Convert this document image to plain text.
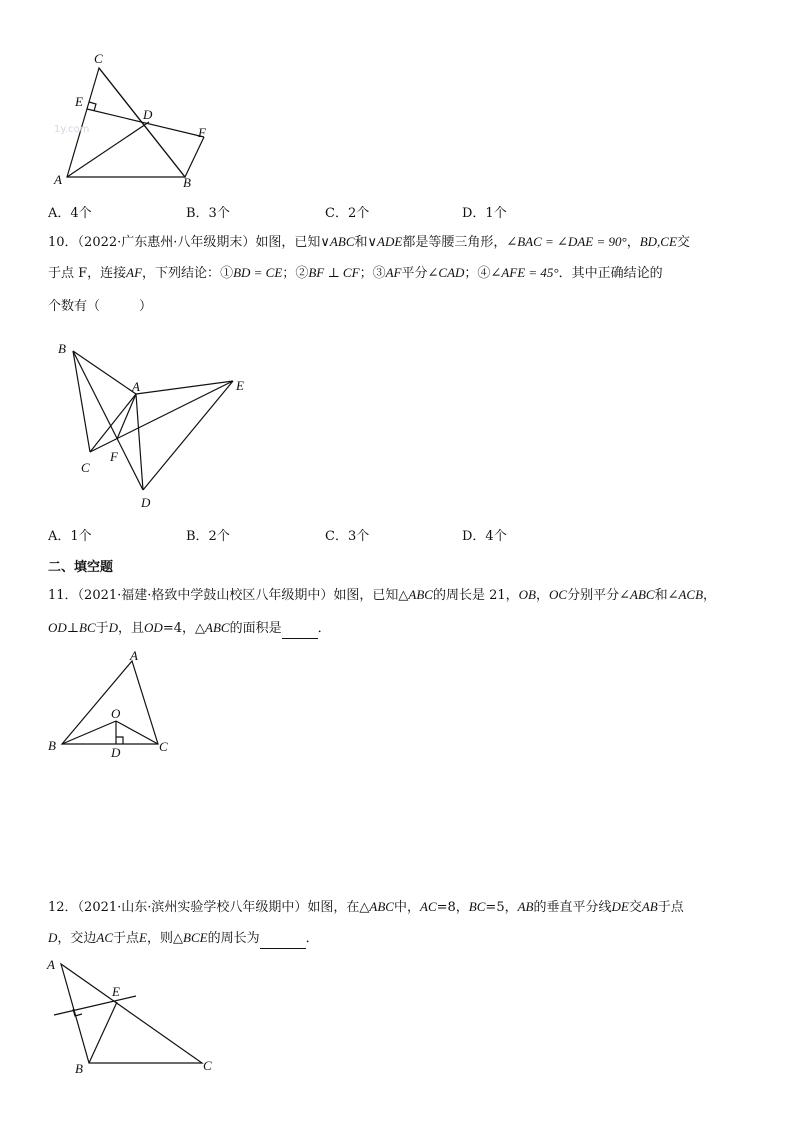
1y.com
C
E
D
F
A	B
A．4个	B．3个	C．2个	D．1个
10．（2022·广东惠州·八年级期末）如图，已知∨ABC和∨ADE都是等腰三角形，∠BAC = ∠DAE = 90°，BD,CE交
于点 F，连接AF，下列结论：①BD = CE；②BF ⊥ CF；③AF平分∠CAD；④∠AFE = 45°．其中正确结论的
个数有（　　　）
B
A	E
C
F
D
A．1个	B．2个	C．3个	D．4个
二、填空题
11．（2021·福建·格致中学鼓山校区八年级期中）如图，已知△ABC的周长是 21，OB，OC分别平分∠ABC和∠ACB，
OD⊥BC于D，且OD=4，△ABC的面积是	．
A
O
B	D	C
12．（2021·山东·滨州实验学校八年级期中）如图，在△ABC中，AC=8，BC=5，AB的垂直平分线DE交AB于点
D，交边AC于点E，则△BCE的周长为	．
A
E
B	C
